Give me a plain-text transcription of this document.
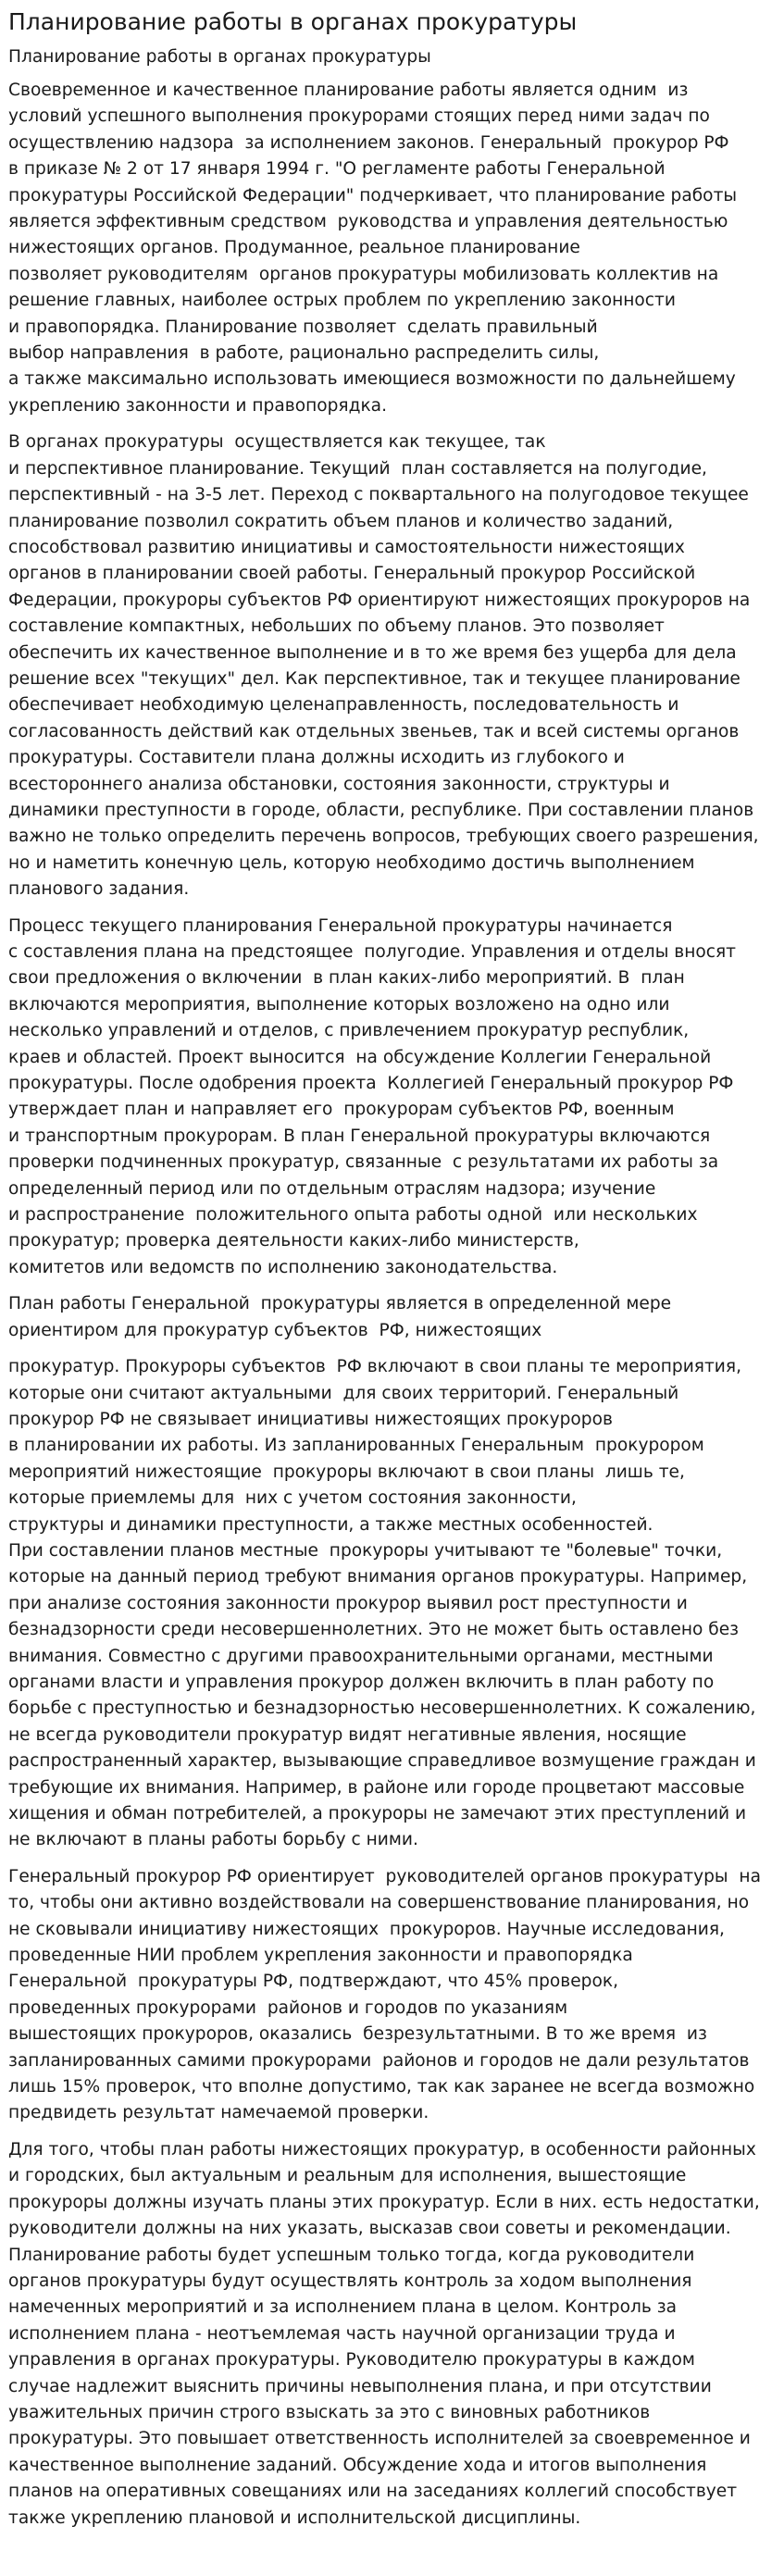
Планирование работы в органах прокуратуры
Планирование работы в органах прокуратуры
Своевременное и качественное планирование работы является одним  из
условий успешного выполнения прокурорами стоящих перед ними задач по
осуществлению надзора  за исполнением законов. Генеральный  прокурор РФ
в приказе № 2 от 17 января 1994 г. "О регламенте работы Генеральной
прокуратуры Российской Федерации" подчеркивает, что планирование работы
является эффективным средством  руководства и управления деятельностью
нижестоящих органов. Продуманное, реальное планирование
позволяет руководителям  органов прокуратуры мобилизовать коллектив на
решение главных, наиболее острых проблем по укреплению законности
и правопорядка. Планирование позволяет  сделать правильный
выбор направления  в работе, рационально распределить силы,
а также максимально использовать имеющиеся возможности по дальнейшему
укреплению законности и правопорядка.
В органах прокуратуры  осуществляется как текущее, так
и перспективное планирование. Текущий  план составляется на полугодие,
перспективный - на 3-5 лет. Переход с поквартального на полугодовое текущее
планирование позволил сократить объем планов и количество заданий,
способствовал развитию инициативы и самостоятельности нижестоящих
органов в планировании своей работы. Генеральный прокурор Российской
Федерации, прокуроры субъектов РФ ориентируют нижестоящих прокуроров на
составление компактных, небольших по объему планов. Это позволяет
обеспечить их качественное выполнение и в то же время без ущерба для дела
решение всех "текущих" дел. Как перспективное, так и текущее планирование
обеспечивает необходимую целенаправленность, последовательность и
согласованность действий как отдельных звеньев, так и всей системы органов
прокуратуры. Составители плана должны исходить из глубокого и
всестороннего анализа обстановки, состояния законности, структуры и
динамики преступности в городе, области, республике. При составлении планов
важно не только определить перечень вопросов, требующих своего разрешения,
но и наметить конечную цель, которую необходимо достичь выполнением
планового задания.
Процесс текущего планирования Генеральной прокуратуры начинается
с составления плана на предстоящее  полугодие. Управления и отделы вносят
свои предложения о включении  в план каких-либо мероприятий. В  план
включаются мероприятия, выполнение которых возложено на одно или
несколько управлений и отделов, с привлечением прокуратур республик,
краев и областей. Проект выносится  на обсуждение Коллегии Генеральной
прокуратуры. После одобрения проекта  Коллегией Генеральный прокурор РФ
утверждает план и направляет его  прокурорам субъектов РФ, военным
и транспортным прокурорам. В план Генеральной прокуратуры включаются
проверки подчиненных прокуратур, связанные  с результатами их работы за
определенный период или по отдельным отраслям надзора; изучение
и распространение  положительного опыта работы одной  или нескольких
прокуратур; проверка деятельности каких-либо министерств,
комитетов или ведомств по исполнению законодательства.
План работы Генеральной  прокуратуры является в определенной мере
ориентиром для прокуратур субъектов  РФ, нижестоящих
прокуратур. Прокуроры субъектов  РФ включают в свои планы те мероприятия,
которые они считают актуальными  для своих территорий. Генеральный
прокурор РФ не связывает инициативы нижестоящих прокуроров
в планировании их работы. Из запланированных Генеральным  прокурором
мероприятий нижестоящие  прокуроры включают в свои планы  лишь те,
которые приемлемы для  них с учетом состояния законности,
структуры и динамики преступности, а также местных особенностей.
При составлении планов местные  прокуроры учитывают те "болевые" точки,
которые на данный период требуют внимания органов прокуратуры. Например,
при анализе состояния законности прокурор выявил рост преступности и
безнадзорности среди несовершеннолетних. Это не может быть оставлено без
внимания. Совместно с другими правоохранительными органами, местными
органами власти и управления прокурор должен включить в план работу по
борьбе с преступностью и безнадзорностью несовершеннолетних. К сожалению,
не всегда руководители прокуратур видят негативные явления, носящие
распространенный характер, вызывающие справедливое возмущение граждан и
требующие их внимания. Например, в районе или городе процветают массовые
хищения и обман потребителей, а прокуроры не замечают этих преступлений и
не включают в планы работы борьбу с ними.
Генеральный прокурор РФ ориентирует  руководителей органов прокуратуры  на
то, чтобы они активно воздействовали на совершенствование планирования, но
не сковывали инициативу нижестоящих  прокуроров. Научные исследования,
проведенные НИИ проблем укрепления законности и правопорядка
Генеральной  прокуратуры РФ, подтверждают, что 45% проверок,
проведенных прокурорами  районов и городов по указаниям
вышестоящих прокуроров, оказались  безрезультатными. В то же время  из
запланированных самими прокурорами  районов и городов не дали результатов
лишь 15% проверок, что вполне допустимо, так как заранее не всегда возможно
предвидеть результат намечаемой проверки.
Для того, чтобы план работы нижестоящих прокуратур, в особенности районных
и городских, был актуальным и реальным для исполнения, вышестоящие
прокуроры должны изучать планы этих прокуратур. Если в них. есть недостатки,
руководители должны на них указать, высказав свои советы и рекомендации.
Планирование работы будет успешным только тогда, когда руководители
органов прокуратуры будут осуществлять контроль за ходом выполнения
намеченных мероприятий и за исполнением плана в целом. Контроль за
исполнением плана - неотъемлемая часть научной организации труда и
управления в органах прокуратуры. Руководителю прокуратуры в каждом
случае надлежит выяснить причины невыполнения плана, и при отсутствии
уважительных причин строго взыскать за это с виновных работников
прокуратуры. Это повышает ответственность исполнителей за своевременное и
качественное выполнение заданий. Обсуждение хода и итогов выполнения
планов на оперативных совещаниях или на заседаниях коллегий способствует
также укреплению плановой и исполнительской дисциплины.
